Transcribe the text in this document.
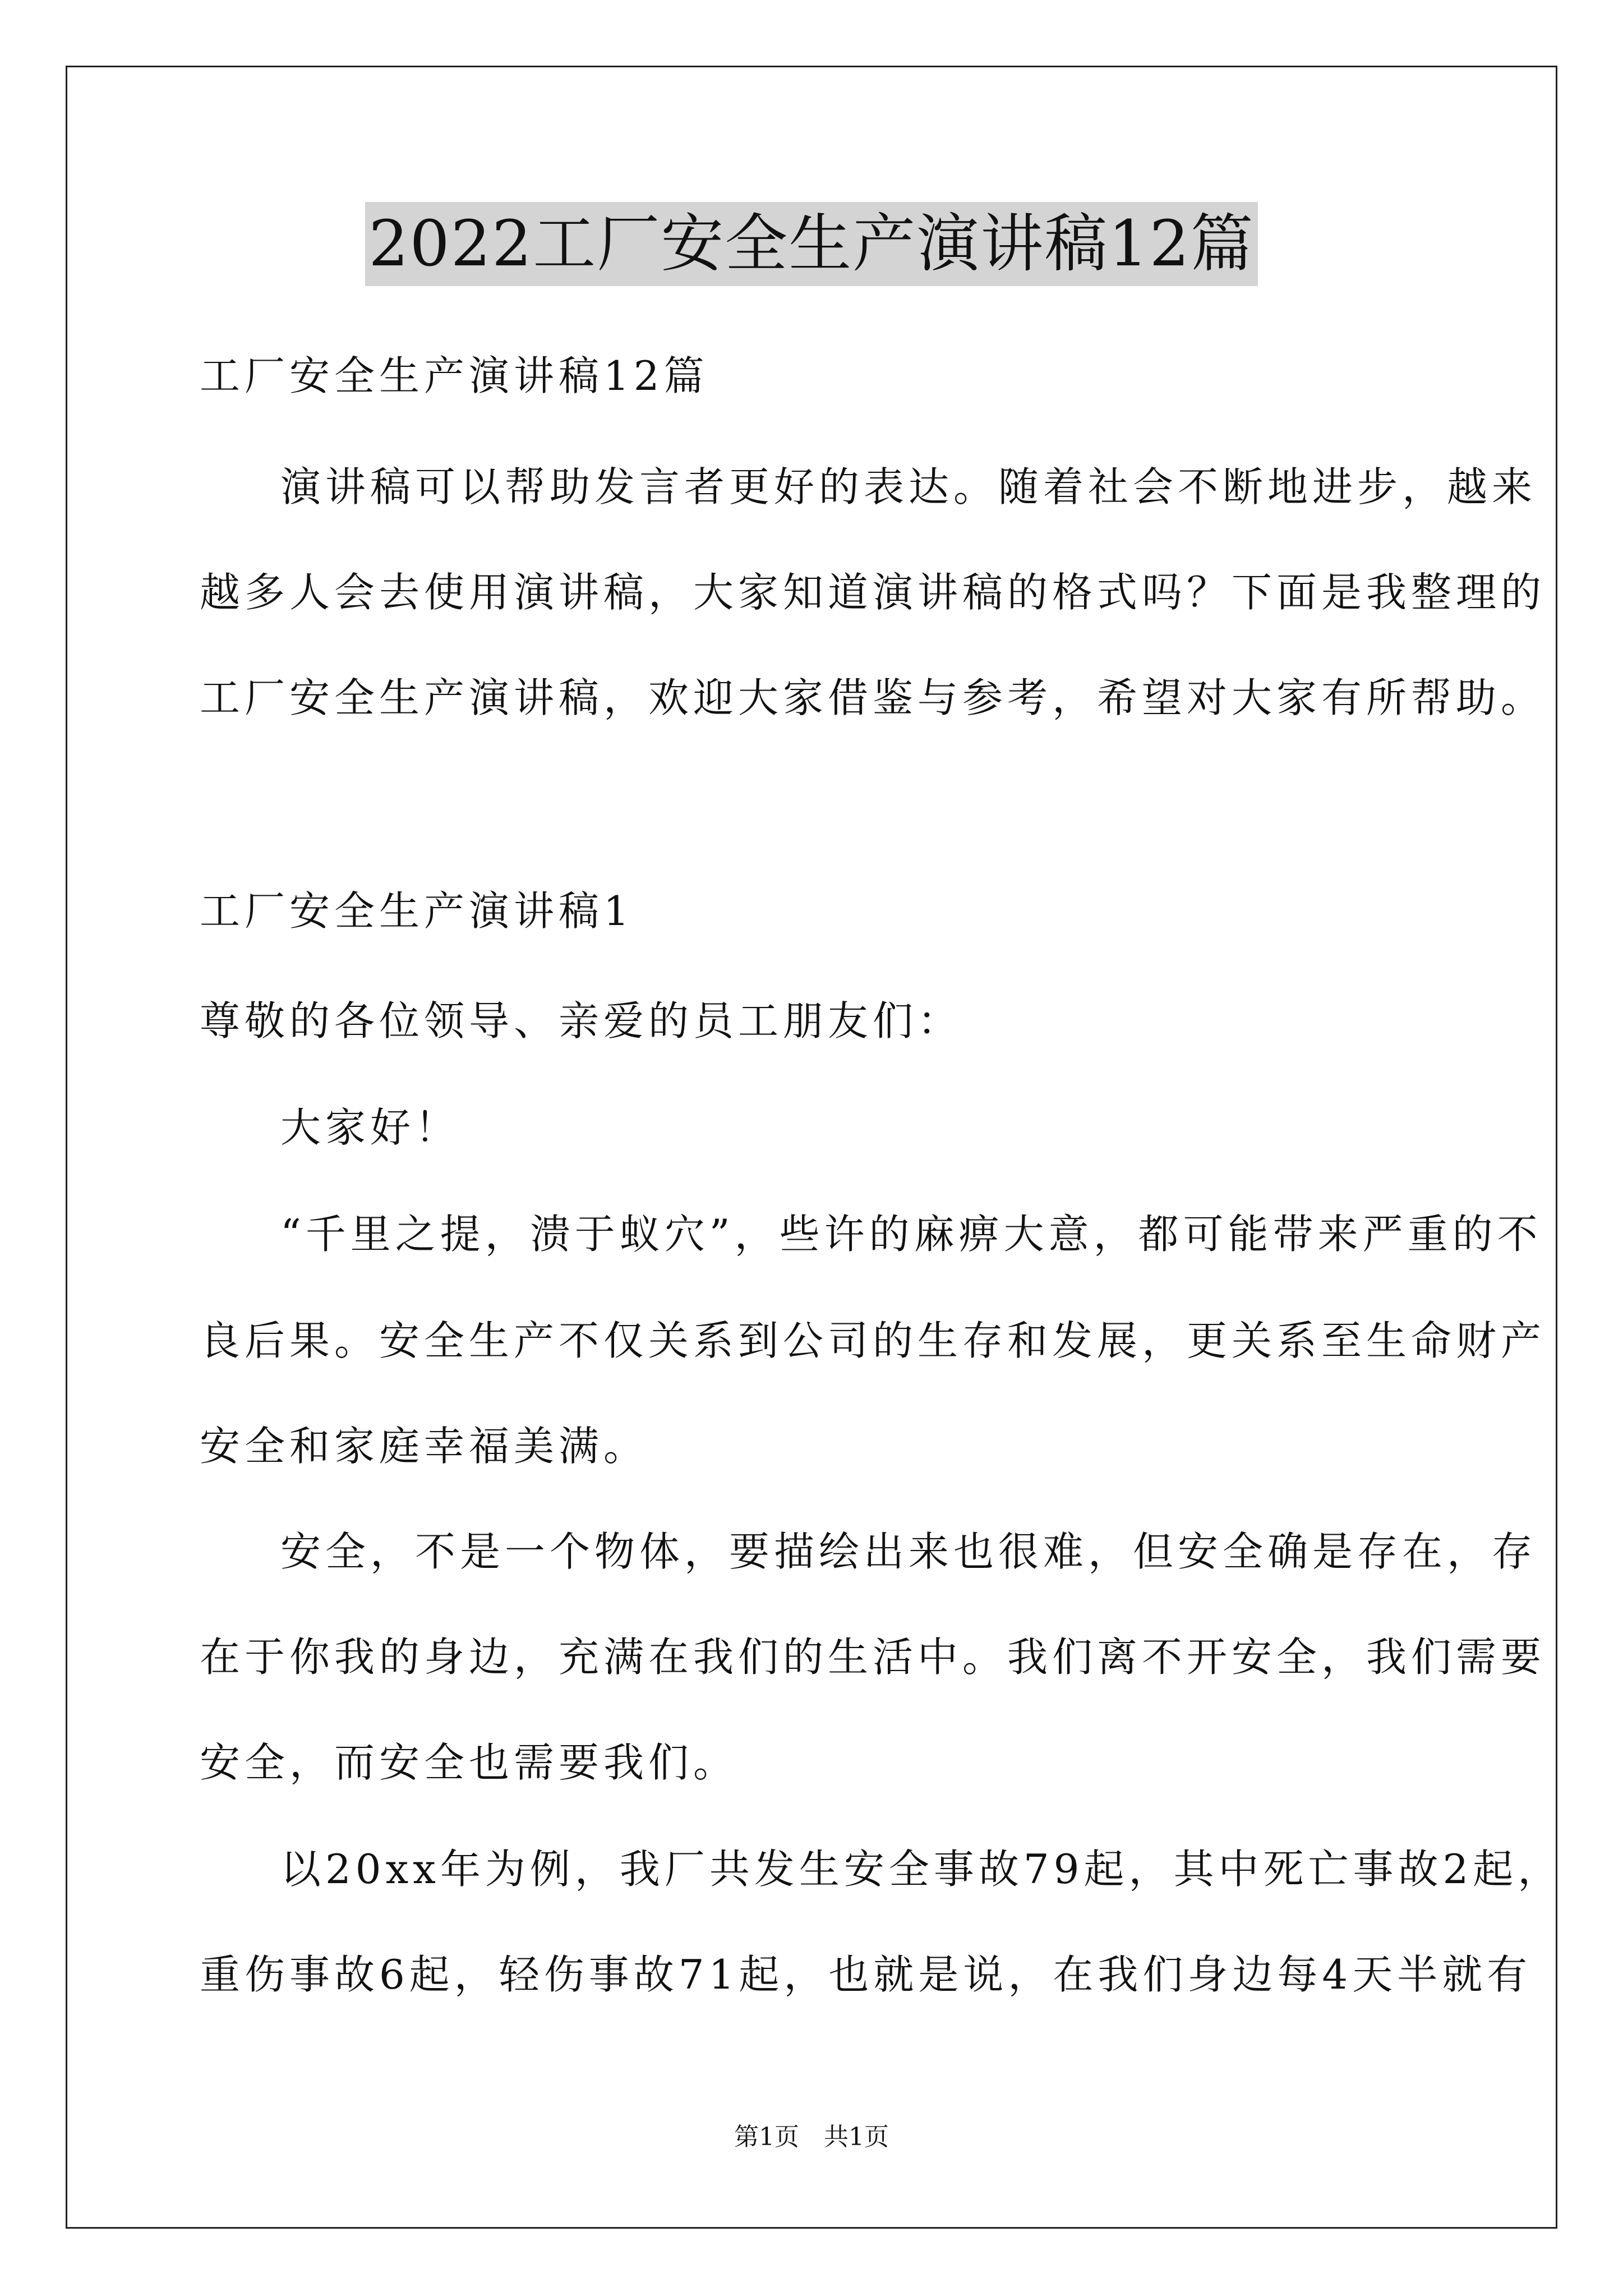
2022工厂安全生产演讲稿12篇
工厂安全生产演讲稿12篇
演讲稿可以帮助发言者更好的表达。随着社会不断地进步，越来
越多人会去使用演讲稿，大家知道演讲稿的格式吗？下面是我整理的
工厂安全生产演讲稿，欢迎大家借鉴与参考，希望对大家有所帮助。
工厂安全生产演讲稿1
尊敬的各位领导、亲爱的员工朋友们：
大家好！
“千里之提，溃于蚁穴”，些许的麻痹大意，都可能带来严重的不
良后果。安全生产不仅关系到公司的生存和发展，更关系至生命财产
安全和家庭幸福美满。
安全，不是一个物体，要描绘出来也很难，但安全确是存在，存
在于你我的身边，充满在我们的生活中。我们离不开安全，我们需要
安全，而安全也需要我们。
以20xx年为例，我厂共发生安全事故79起，其中死亡事故2起，
重伤事故6起，轻伤事故71起，也就是说，在我们身边每4天半就有
第1页　共1页
